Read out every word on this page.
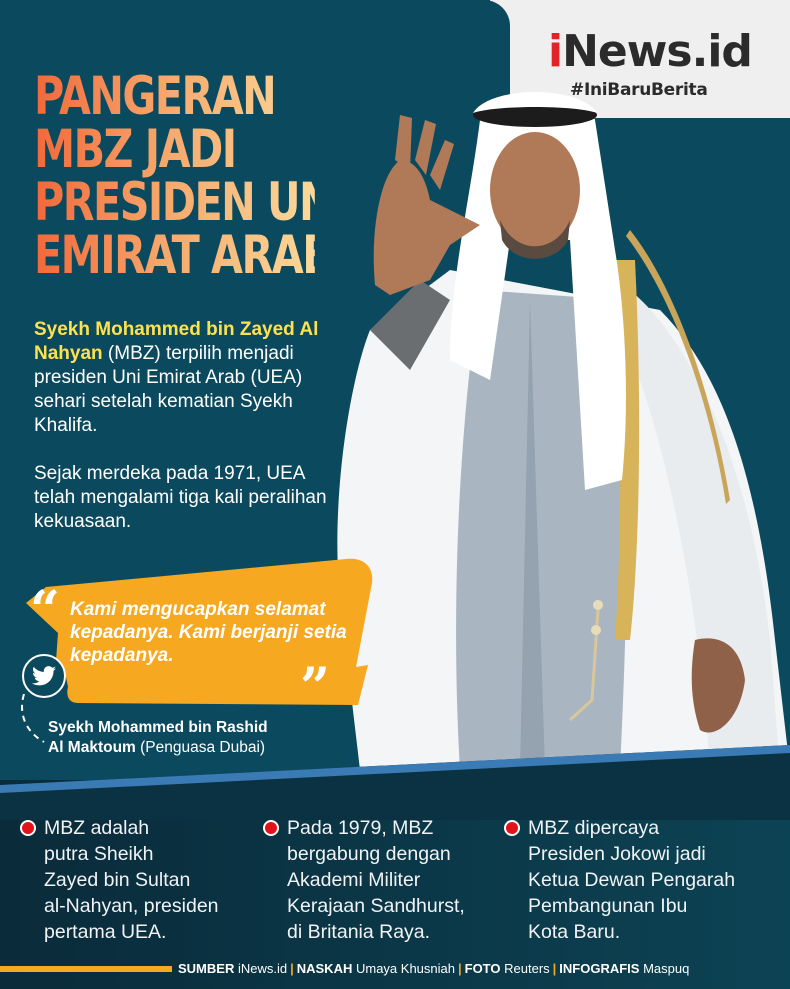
iNews.id
#IniBaruBerita
PANGERAN
MBZ JADI
PRESIDEN UNI
EMIRAT ARAB

Syekh Mohammed bin Zayed Al Nahyan (MBZ) terpilih menjadi presiden Uni Emirat Arab (UEA) sehari setelah kematian Syekh Khalifa.

Sejak merdeka pada 1971, UEA telah mengalami tiga kali peralihan kekuasaan.

“ Kami mengucapkan selamat kepadanya. Kami berjanji setia kepadanya.
”
Syekh Mohammed bin Rashid
Al Maktoum (Penguasa Dubai)
MBZ adalah
putra Sheikh
Zayed bin Sultan
al-Nahyan, presiden
pertama UEA.
Pada 1979, MBZ
bergabung dengan
Akademi Militer
Kerajaan Sandhurst,
di Britania Raya.
MBZ dipercaya
Presiden Jokowi jadi
Ketua Dewan Pengarah
Pembangunan Ibu
Kota Baru.
SUMBER iNews.id | NASKAH Umaya Khusniah | FOTO Reuters | INFOGRAFIS Maspuq
